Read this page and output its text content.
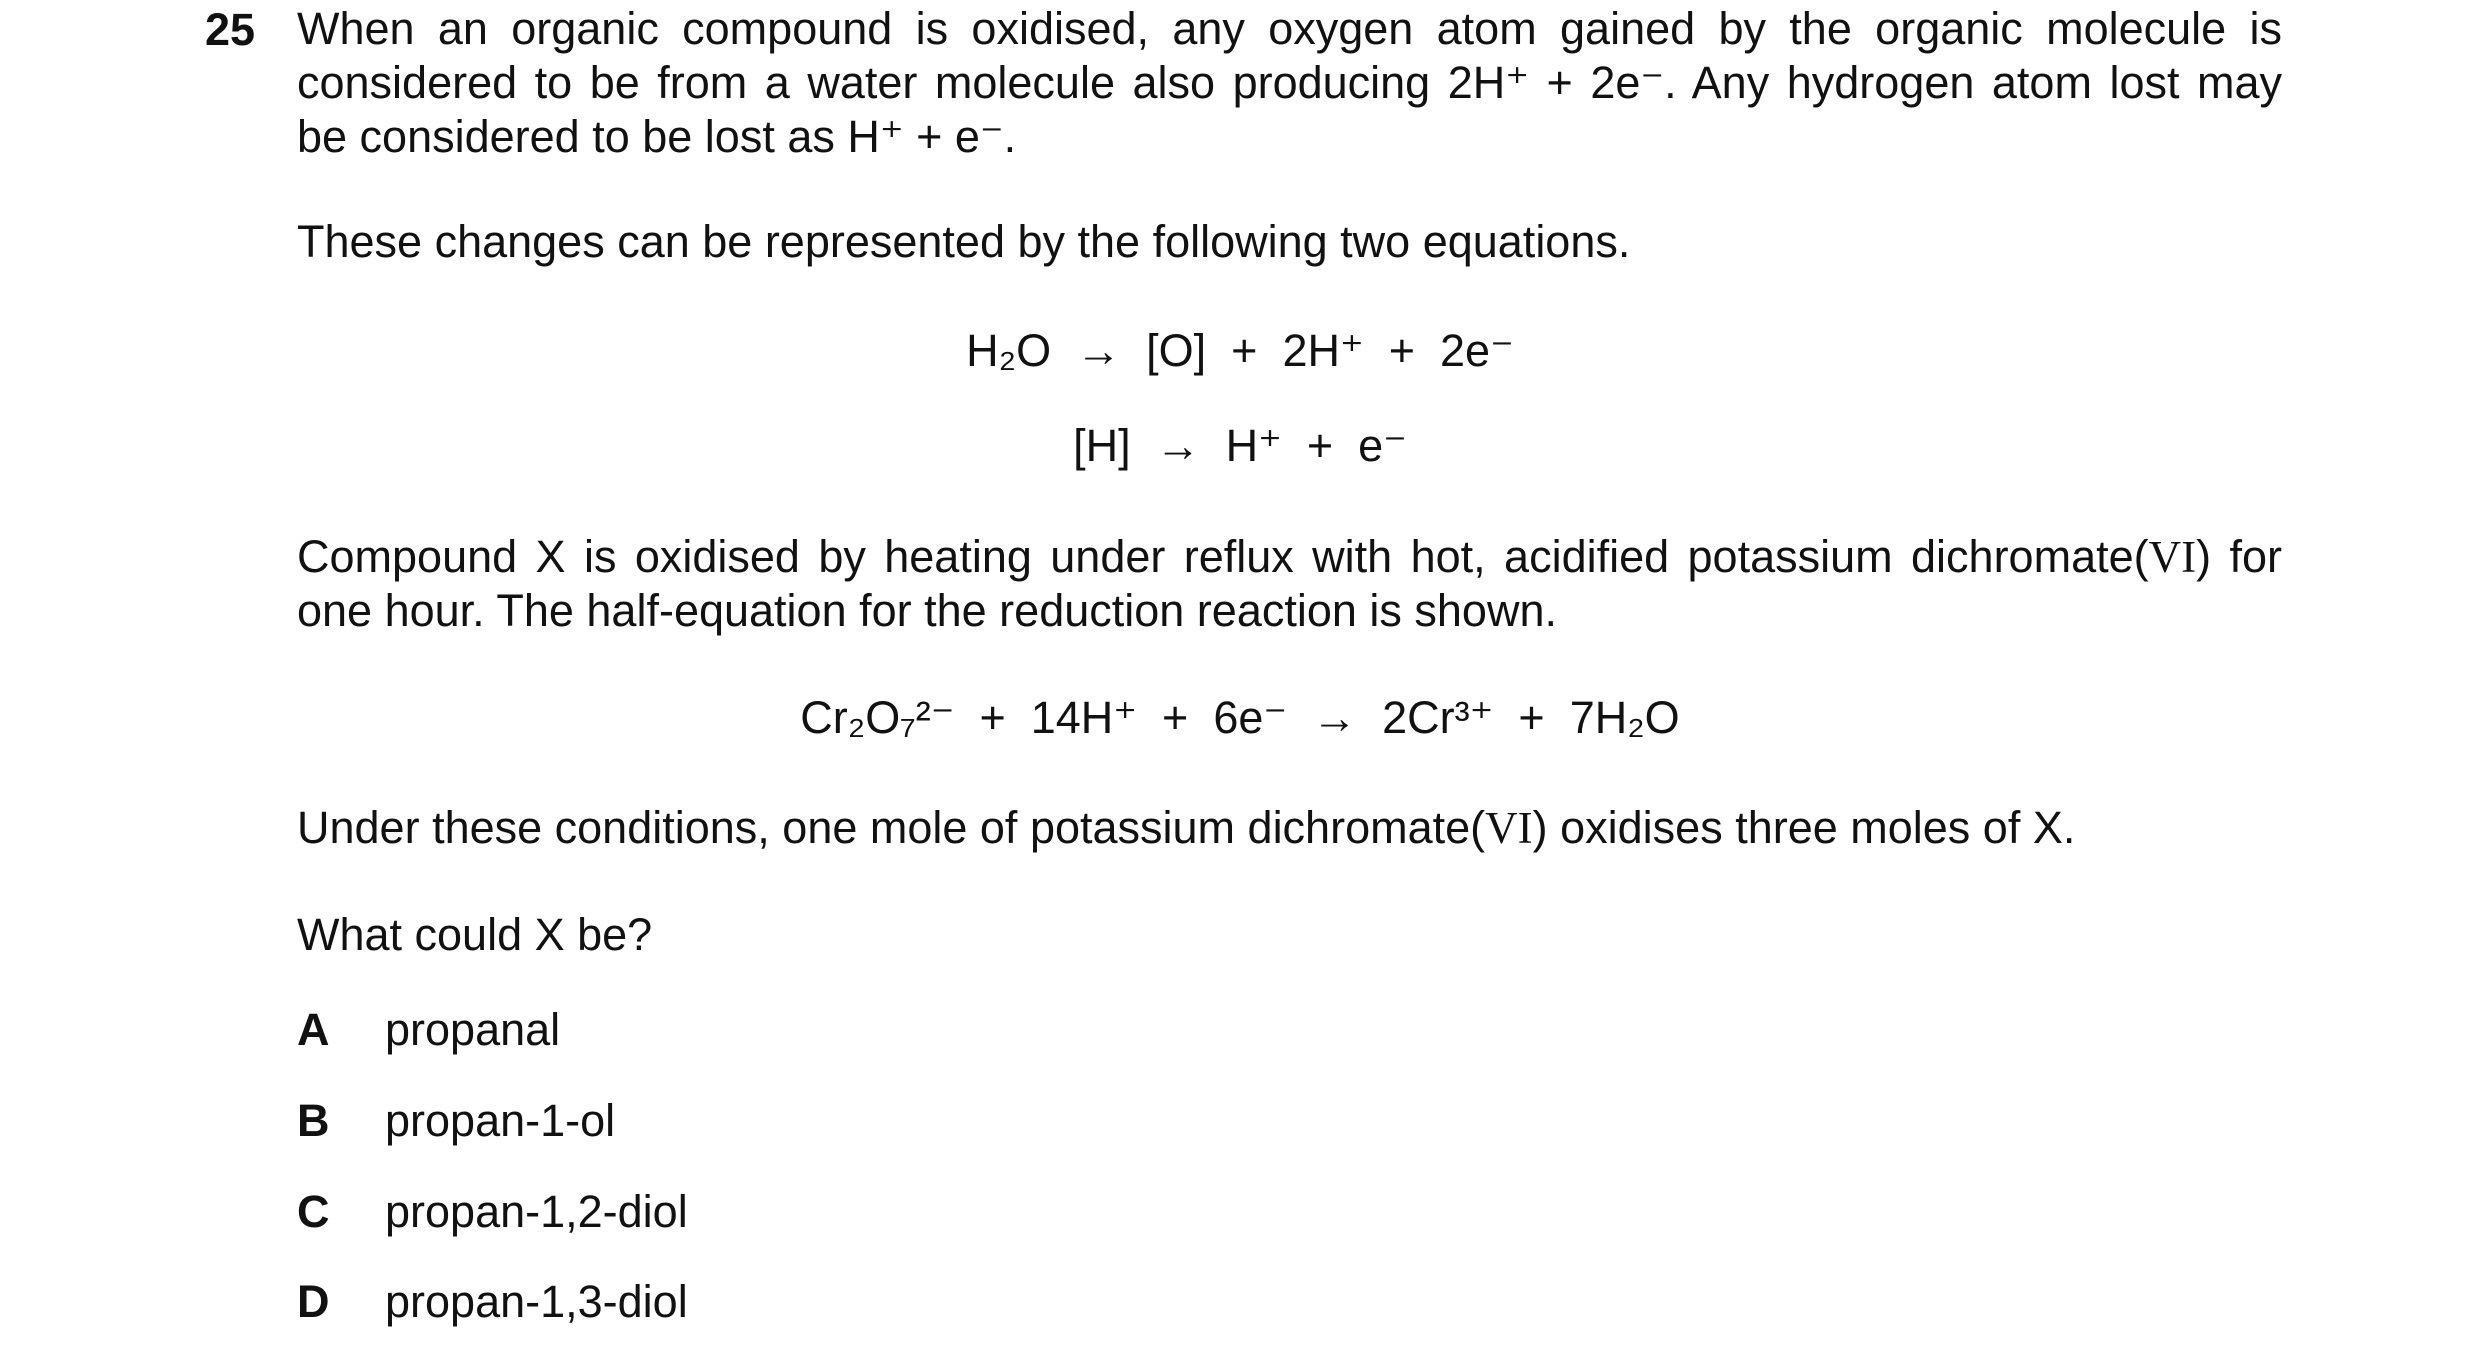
25 When an organic compound is oxidised, any oxygen atom gained by the organic molecule is
considered to be from a water molecule also producing 2H⁺ + 2e⁻. Any hydrogen atom lost may
be considered to be lost as H⁺ + e⁻.
These changes can be represented by the following two equations.
H₂O  →  [O]  +  2H⁺  +  2e⁻
[H]  →  H⁺  +  e⁻
Compound X is oxidised by heating under reflux with hot, acidified potassium dichromate(VI) for
one hour. The half-equation for the reduction reaction is shown.
Cr₂O₇²⁻  +  14H⁺  +  6e⁻  →  2Cr³⁺  +  7H₂O
Under these conditions, one mole of potassium dichromate(VI) oxidises three moles of X.
What could X be?
A propanal
B propan-1-ol
C propan-1,2-diol
D propan-1,3-diol
